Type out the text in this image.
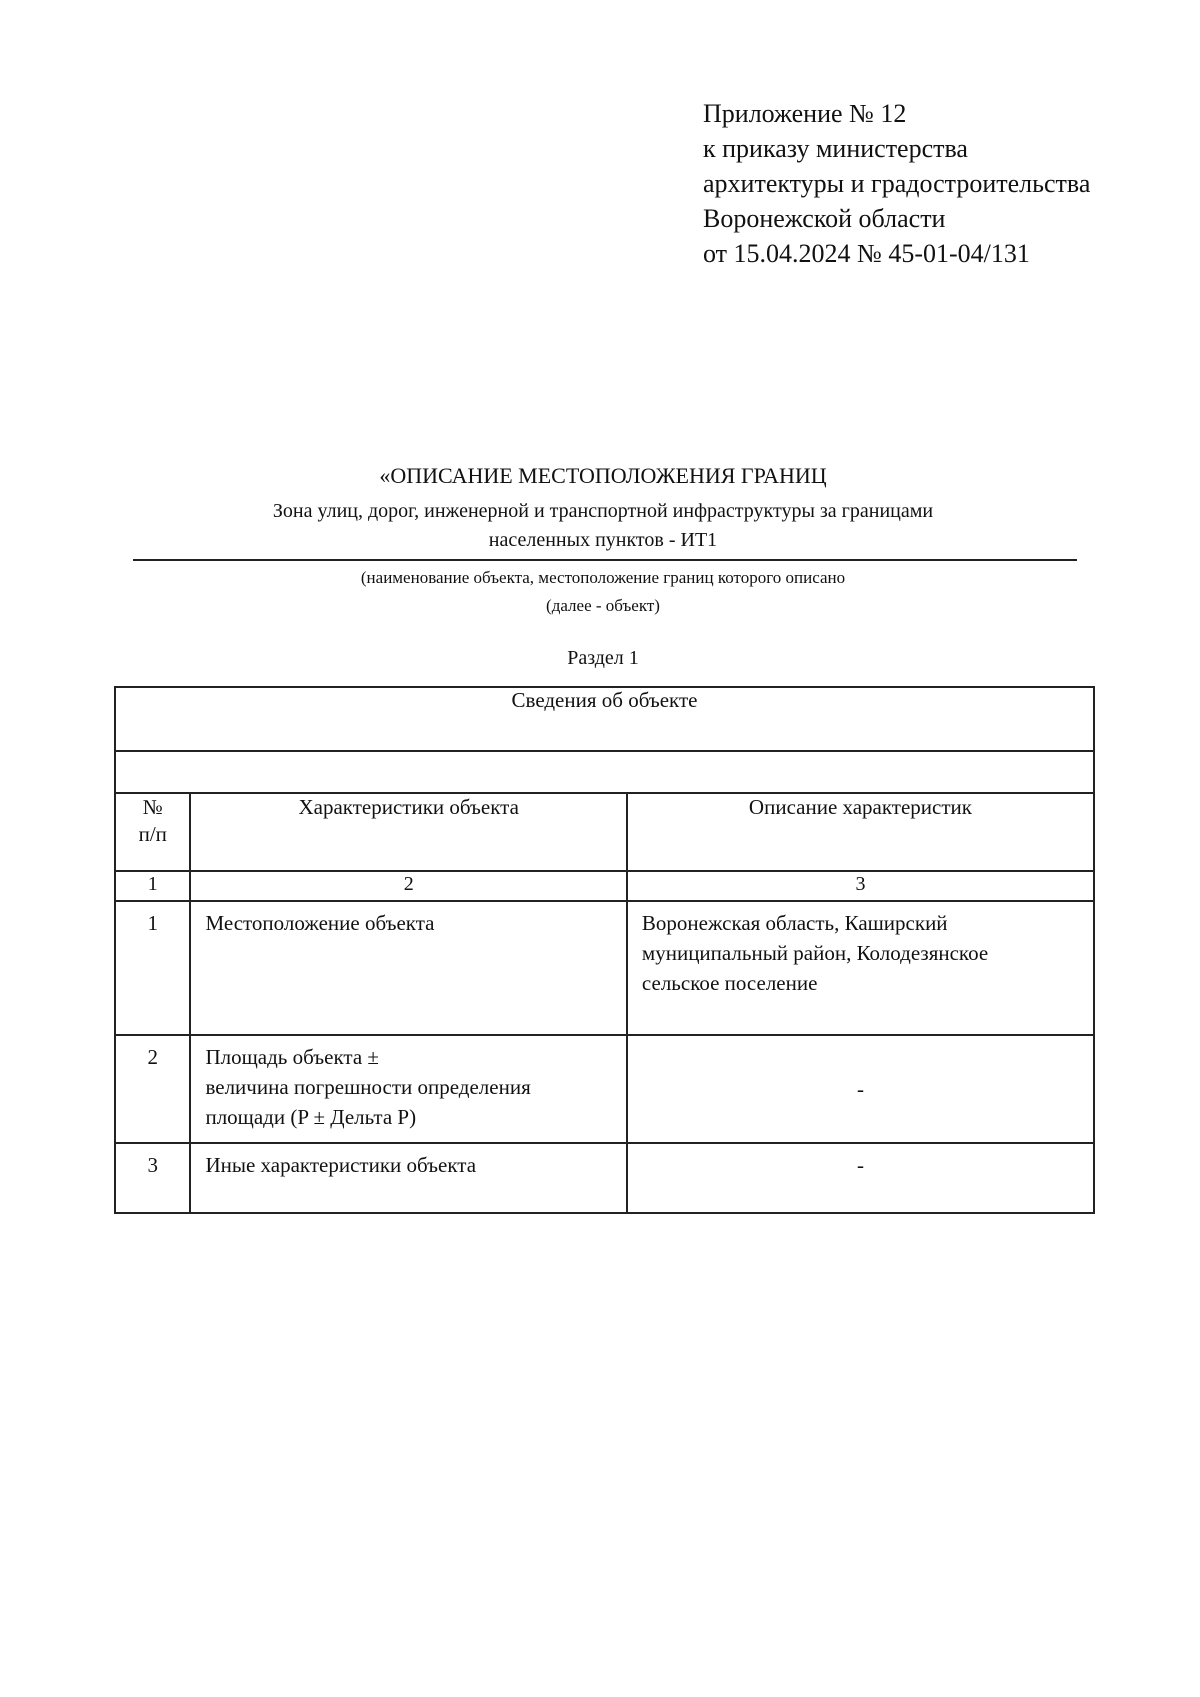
Приложение № 12
к приказу министерства
архитектуры и градостроительства
Воронежской области
от 15.04.2024 № 45-01-04/131
«ОПИСАНИЕ МЕСТОПОЛОЖЕНИЯ ГРАНИЦ
Зона улиц, дорог, инженерной и транспортной инфраструктуры за границами
населенных пунктов - ИТ1
(наименование объекта, местоположение границ которого описано
(далее - объект)
Раздел 1
Сведения об объекте		

№
п/п	Характеристики объекта	Описание характеристик
1	2	3
1	Местоположение объекта	Воронежская область, Каширский
муниципальный район, Колодезянское
сельское поселение

2	Площадь объекта ±
величина погрешности определения
площади (P ± Дельта P)	-
3	Иные характеристики объекта	-
